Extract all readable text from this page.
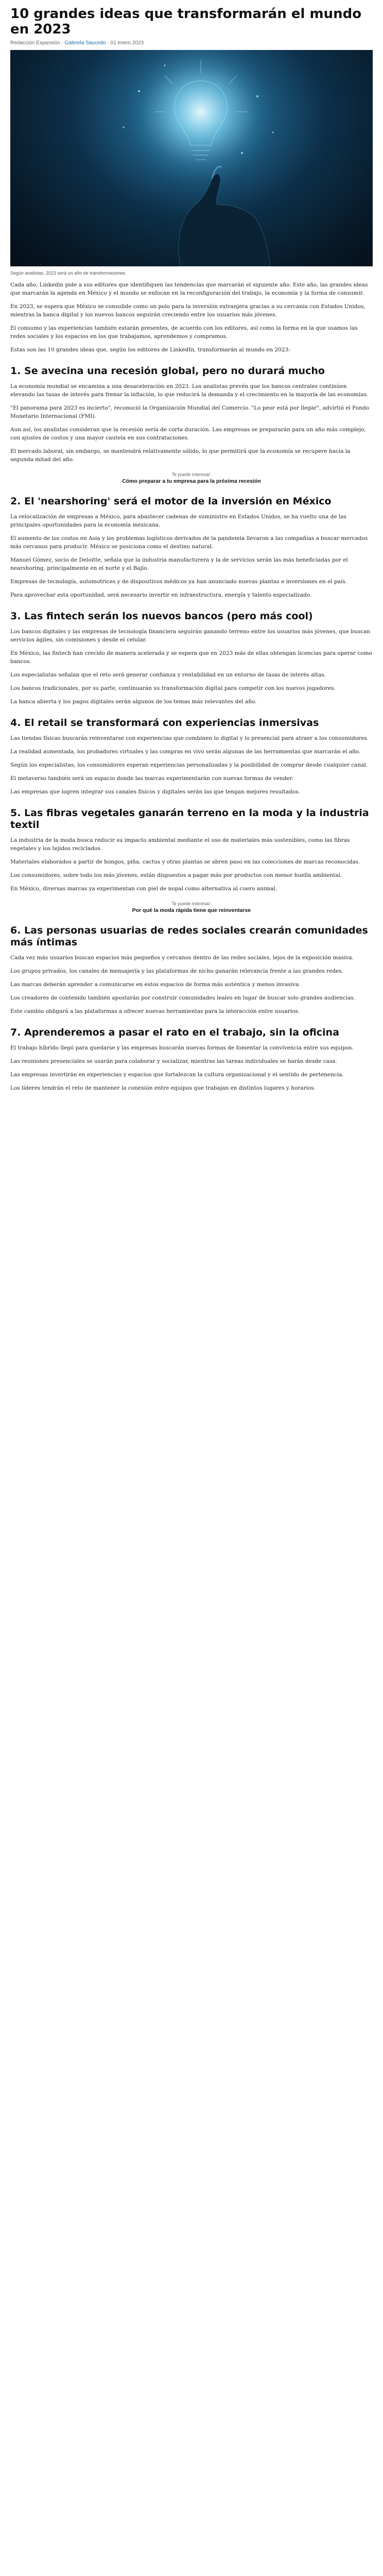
10 grandes ideas que transformarán el mundo en 2023
Redacción Expansión · Gabriela Saucedo · 01 enero 2023

Según analistas, 2023 será un año de transformaciones.

Cada año, Linkedin pide a sus editores que identifiquen las tendencias que marcarán el siguiente año. Este año, las grandes ideas que marcarán la agenda en México y el mundo se enfocan en la reconfiguración del trabajo, la economía y la forma de consumir.

En 2023, se espera que México se consolide como un polo para la inversión extranjera gracias a su cercanía con Estados Unidos, mientras la banca digital y los nuevos bancos seguirán creciendo entre los usuarios más jóvenes.

El consumo y las experiencias también estarán presentes, de acuerdo con los editores, así como la forma en la que usamos las redes sociales y los espacios en los que trabajamos, aprendemos y compramos.

Estas son las 10 grandes ideas que, según los editores de LinkedIn, transformarán al mundo en 2023:

1. Se avecina una recesión global, pero no durará mucho

La economía mundial se encamina a una desaceleración en 2023. Los analistas prevén que los bancos centrales continúen elevando las tasas de interés para frenar la inflación, lo que reducirá la demanda y el crecimiento en la mayoría de las economías.

"El panorama para 2023 es incierto", reconoció la Organización Mundial del Comercio. "Lo peor está por llegar", advirtió el Fondo Monetario Internacional (FMI).

Aun así, los analistas consideran que la recesión sería de corta duración. Las empresas se prepararán para un año más complejo, con ajustes de costos y una mayor cautela en sus contrataciones.

El mercado laboral, sin embargo, se mantendrá relativamente sólido, lo que permitirá que la economía se recupere hacia la segunda mitad del año.

Te puede interesar:
Cómo preparar a tu empresa para la próxima recesión
2. El 'nearshoring' será el motor de la inversión en México

La relocalización de empresas a México, para abastecer cadenas de suministro en Estados Unidos, se ha vuelto una de las principales oportunidades para la economía mexicana.

El aumento de los costos en Asia y los problemas logísticos derivados de la pandemia llevaron a las compañías a buscar mercados más cercanos para producir. México se posiciona como el destino natural.

Manuel Gómez, socio de Deloitte, señala que la industria manufacturera y la de servicios serán las más beneficiadas por el nearshoring, principalmente en el norte y el Bajío.

Empresas de tecnología, automotrices y de dispositivos médicos ya han anunciado nuevas plantas e inversiones en el país.

Para aprovechar esta oportunidad, será necesario invertir en infraestructura, energía y talento especializado.

3. Las fintech serán los nuevos bancos (pero más cool)

Los bancos digitales y las empresas de tecnología financiera seguirán ganando terreno entre los usuarios más jóvenes, que buscan servicios ágiles, sin comisiones y desde el celular.

En México, las fintech han crecido de manera acelerada y se espera que en 2023 más de ellas obtengan licencias para operar como bancos.

Los especialistas señalan que el reto será generar confianza y rentabilidad en un entorno de tasas de interés altas.

Los bancos tradicionales, por su parte, continuarán su transformación digital para competir con los nuevos jugadores.

La banca abierta y los pagos digitales serán algunos de los temas más relevantes del año.

4. El retail se transformará con experiencias inmersivas

Las tiendas físicas buscarán reinventarse con experiencias que combinen lo digital y lo presencial para atraer a los consumidores.

La realidad aumentada, los probadores virtuales y las compras en vivo serán algunas de las herramientas que marcarán el año.

Según los especialistas, los consumidores esperan experiencias personalizadas y la posibilidad de comprar desde cualquier canal.

El metaverso también será un espacio donde las marcas experimentarán con nuevas formas de vender.

Las empresas que logren integrar sus canales físicos y digitales serán las que tengan mejores resultados.

5. Las fibras vegetales ganarán terreno en la moda y la industria textil

La industria de la moda busca reducir su impacto ambiental mediante el uso de materiales más sostenibles, como las fibras vegetales y los tejidos reciclados.

Materiales elaborados a partir de hongos, piña, cactus y otras plantas se abren paso en las colecciones de marcas reconocidas.

Los consumidores, sobre todo los más jóvenes, están dispuestos a pagar más por productos con menor huella ambiental.

En México, diversas marcas ya experimentan con piel de nopal como alternativa al cuero animal.

Te puede interesar:
Por qué la moda rápida tiene que reinventarse
6. Las personas usuarias de redes sociales crearán comunidades más íntimas

Cada vez más usuarios buscan espacios más pequeños y cercanos dentro de las redes sociales, lejos de la exposición masiva.

Los grupos privados, los canales de mensajería y las plataformas de nicho ganarán relevancia frente a las grandes redes.

Las marcas deberán aprender a comunicarse en estos espacios de forma más auténtica y menos invasiva.

Los creadores de contenido también apostarán por construir comunidades leales en lugar de buscar solo grandes audiencias.

Este cambio obligará a las plataformas a ofrecer nuevas herramientas para la interacción entre usuarios.

7. Aprenderemos a pasar el rato en el trabajo, sin la oficina

El trabajo híbrido llegó para quedarse y las empresas buscarán nuevas formas de fomentar la convivencia entre sus equipos.

Las reuniones presenciales se usarán para colaborar y socializar, mientras las tareas individuales se harán desde casa.

Las empresas invertirán en experiencias y espacios que fortalezcan la cultura organizacional y el sentido de pertenencia.

Los líderes tendrán el reto de mantener la conexión entre equipos que trabajan en distintos lugares y horarios.
